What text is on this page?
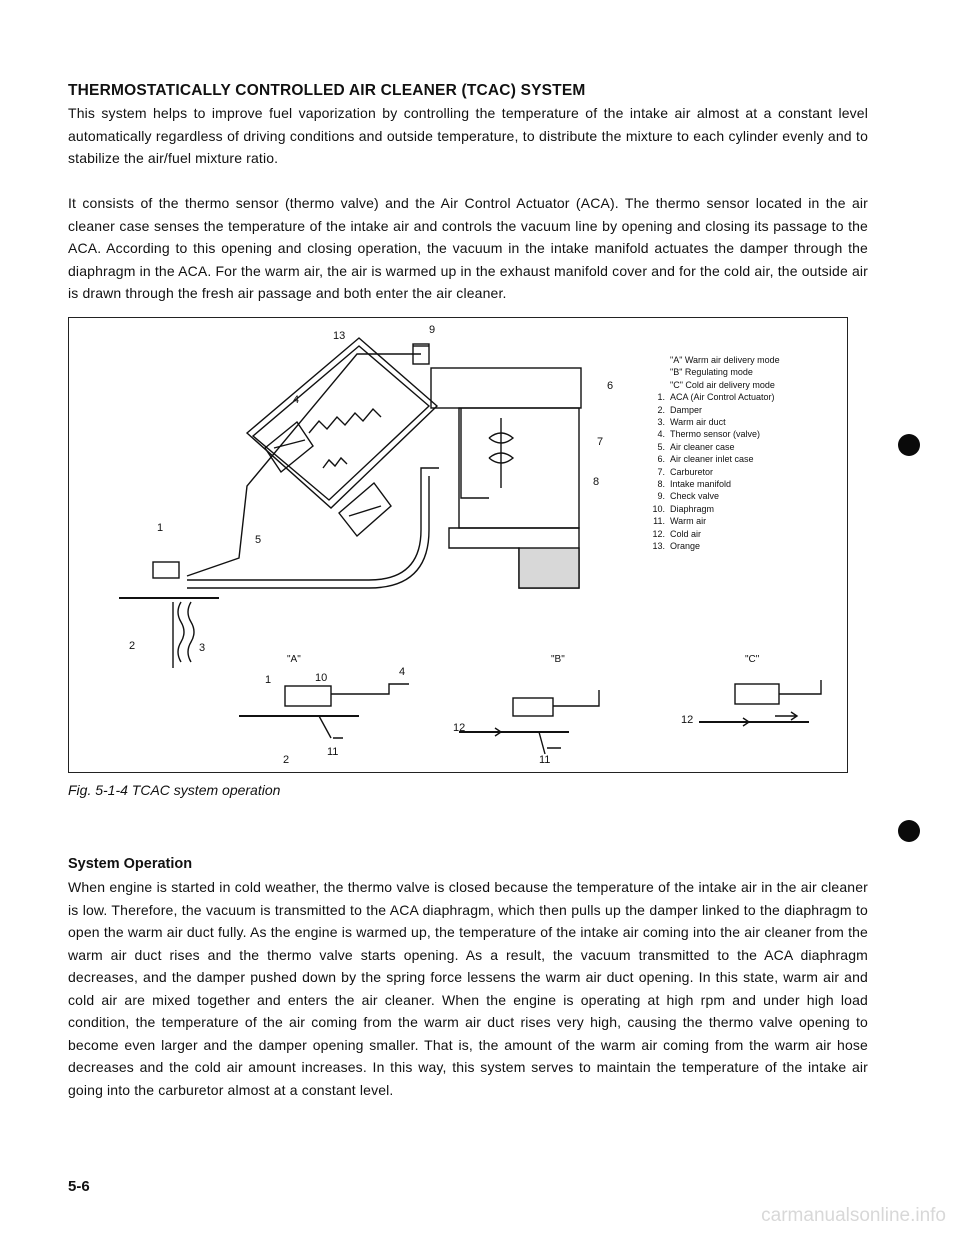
THERMOSTATICALLY CONTROLLED AIR CLEANER (TCAC) SYSTEM
This system helps to improve fuel vaporization by controlling the temperature of the intake air almost at a constant level automatically regardless of driving conditions and outside temperature, to distribute the mixture to each cylinder evenly and to stabilize the air/fuel mixture ratio.
It consists of the thermo sensor (thermo valve) and the Air Control Actuator (ACA). The thermo sensor located in the air cleaner case senses the temperature of the intake air and controls the vacuum line by opening and closing its passage to the ACA. According to this opening and closing operation, the vacuum in the intake manifold actuates the damper through the diaphragm in the ACA. For the warm air, the air is warmed up in the exhaust manifold cover and for the cold air, the outside air is drawn through the fresh air passage and both enter the air cleaner.
"A" Warm air delivery mode
"B" Regulating mode
"C" Cold air delivery mode
1. ACA (Air Control Actuator)
2. Damper
3. Warm air duct
4. Thermo sensor (valve)
5. Air cleaner case
6. Air cleaner inlet case
7. Carburetor
8. Intake manifold
9. Check valve
10. Diaphragm
11. Warm air
12. Cold air
13. Orange
"A"	"B"	"C"
1
2	3
4
5
6
7
8
9
13
1	10	4
11
2
12
11
12
Fig. 5-1-4 TCAC system operation
System Operation
When engine is started in cold weather, the thermo valve is closed because the temperature of the intake air in the air cleaner is low. Therefore, the vacuum is transmitted to the ACA diaphragm, which then pulls up the damper linked to the diaphragm to open the warm air duct fully. As the engine is warmed up, the temperature of the intake air coming into the air cleaner from the warm air duct rises and the thermo valve starts opening. As a result, the vacuum transmitted to the ACA diaphragm decreases, and the damper pushed down by the spring force lessens the warm air duct opening. In this state, warm air and cold air are mixed together and enters the air cleaner. When the engine is operating at high rpm and under high load condition, the temperature of the air coming from the warm air duct rises very high, causing the thermo valve opening to become even larger and the damper opening smaller. That is, the amount of the warm air coming from the warm air hose decreases and the cold air amount increases. In this way, this system serves to maintain the temperature of the intake air going into the carburetor almost at a constant level.
5-6
carmanualsonline.info
